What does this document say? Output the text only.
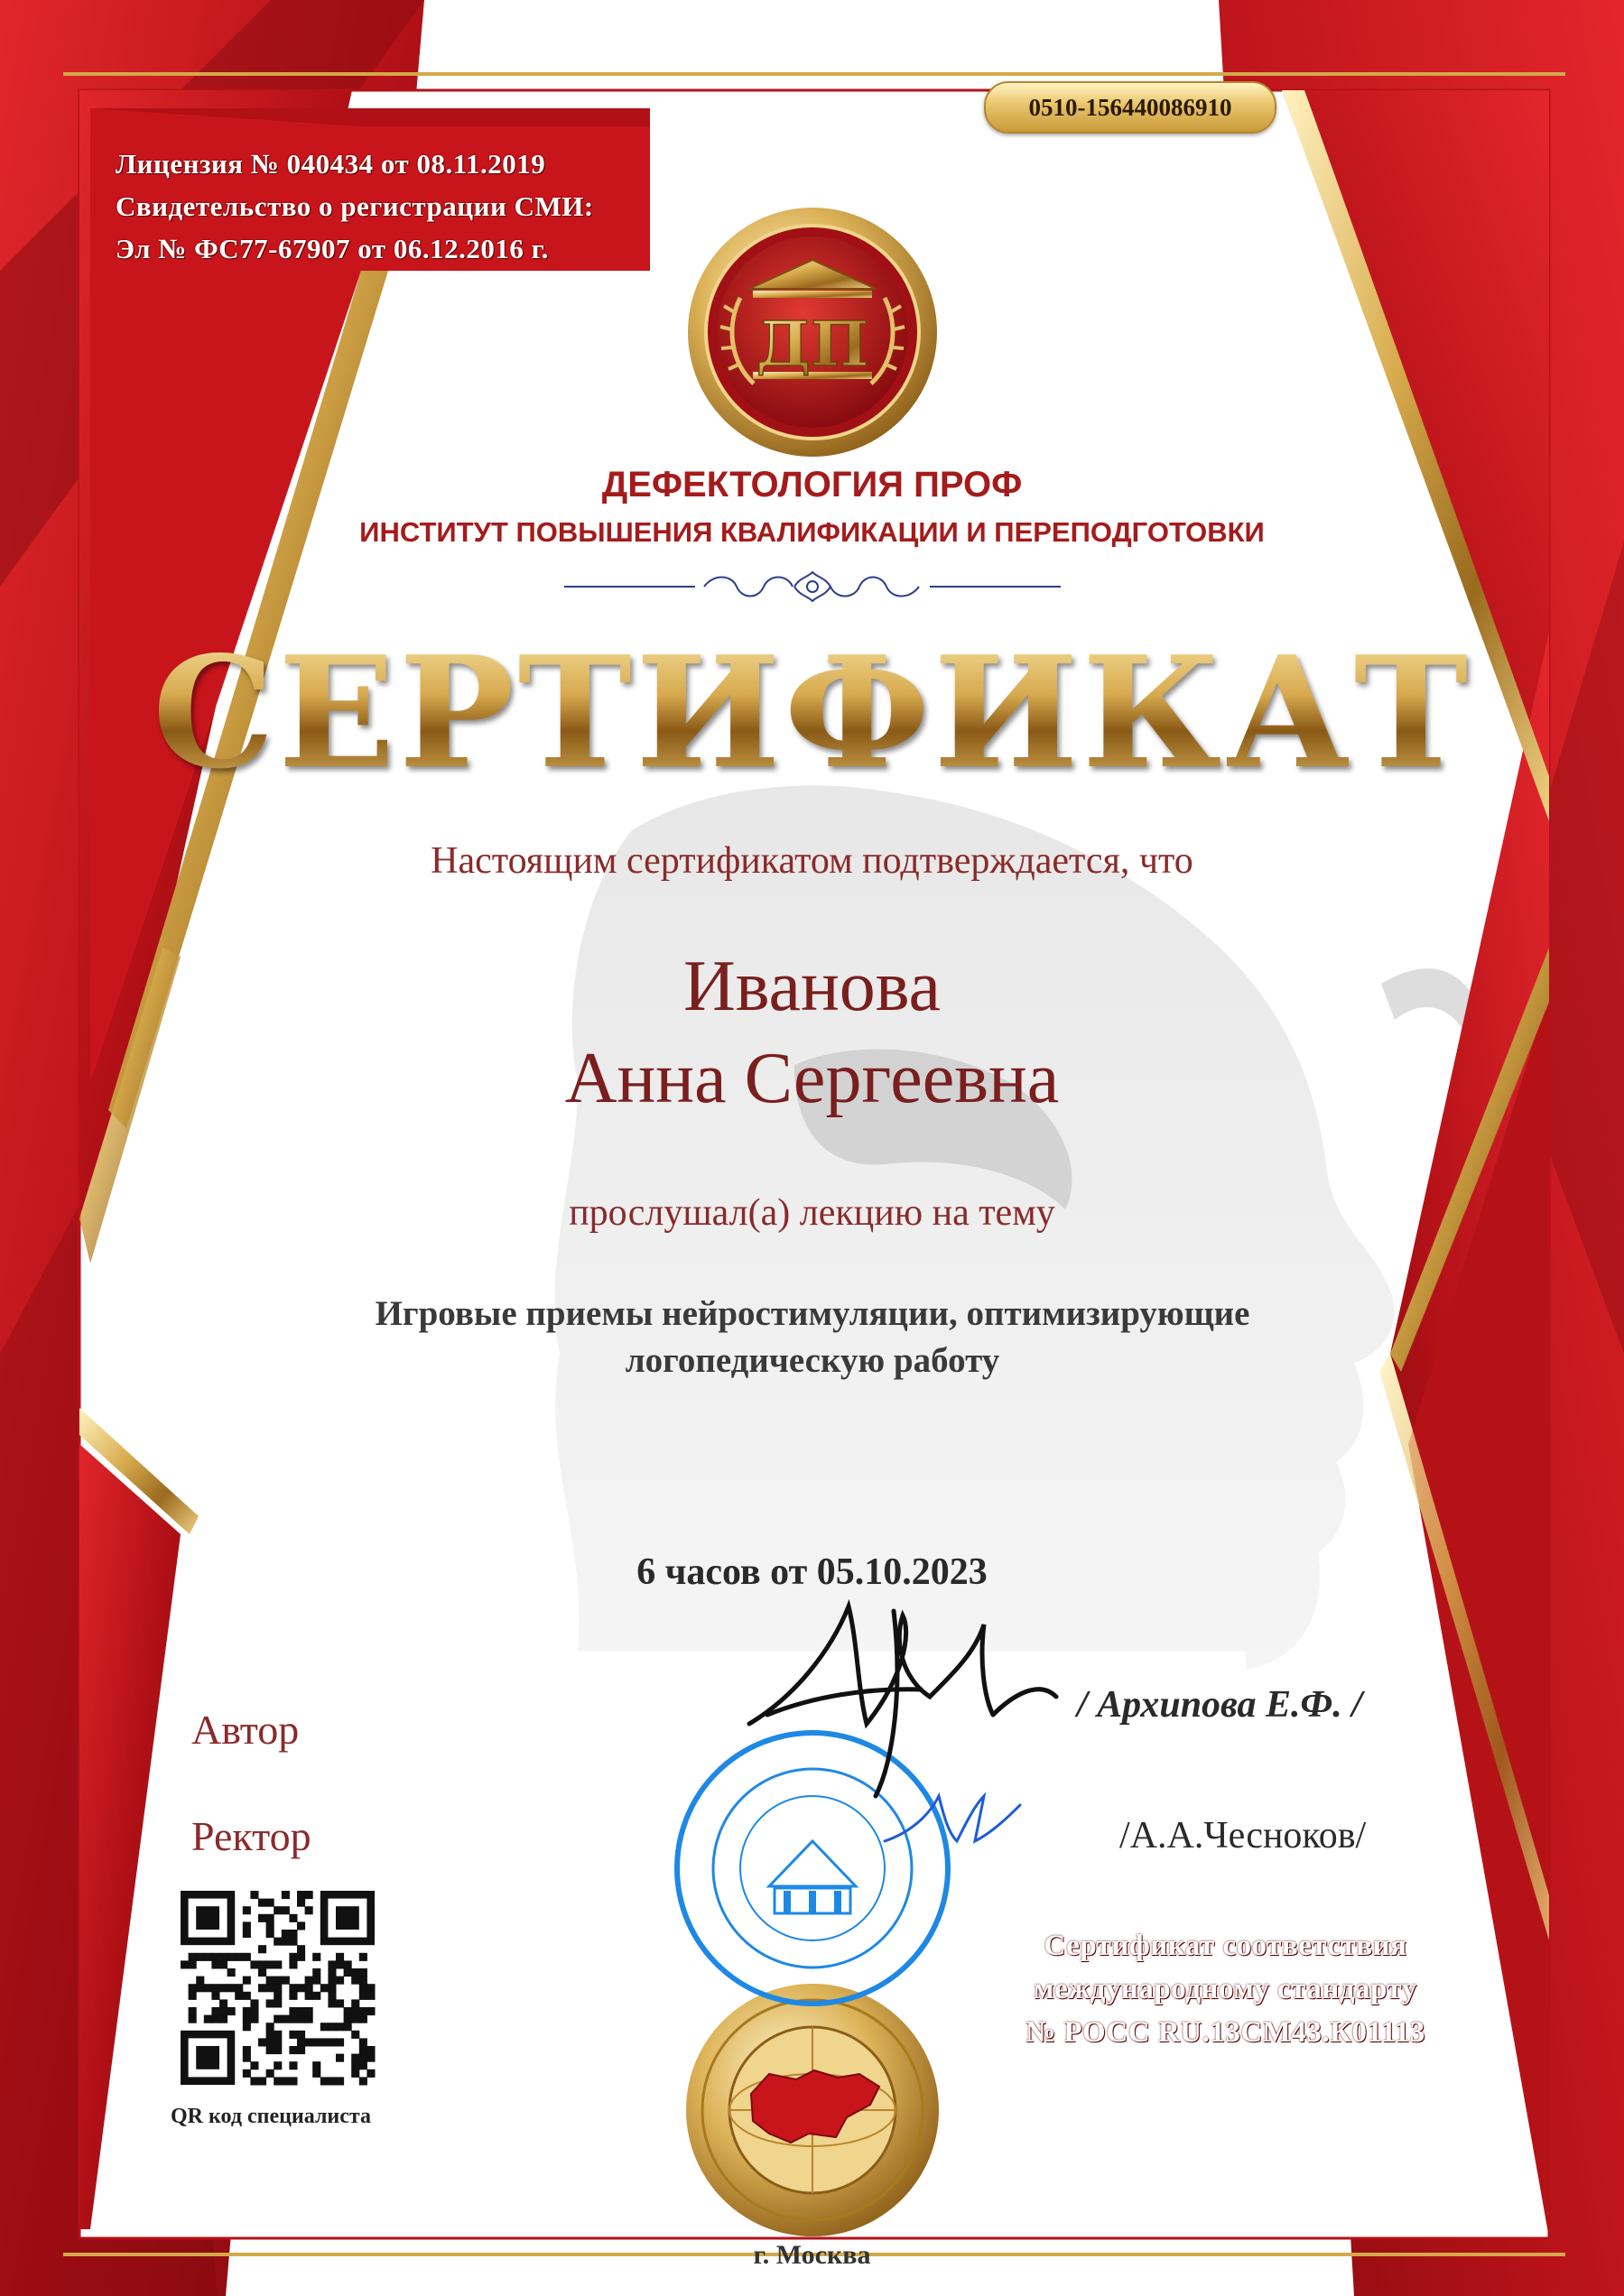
ДП
0510-156440086910
Лицензия № 040434 от 08.11.2019
Свидетельство о регистрации СМИ:
Эл № ФС77-67907 от 06.12.2016 г.
ДЕФЕКТОЛОГИЯ ПРОФ
ИНСТИТУТ ПОВЫШЕНИЯ КВАЛИФИКАЦИИ И ПЕРЕПОДГОТОВКИ
СЕРТИФИКАТ
Настоящим сертификатом подтверждается, что
Иванова
Анна Сергеевна
прослушал(а) лекцию на тему
Игровые приемы нейростимуляции, оптимизирующие
логопедическую работу
6 часов от 05.10.2023
Автор
/ Архипова Е.Ф. /
Ректор	/А.А.Чесноков/
Сертификат соответствия
международному стандарту
№ РОСС RU.13СМ43.К01113
QR код специалиста
г. Москва
